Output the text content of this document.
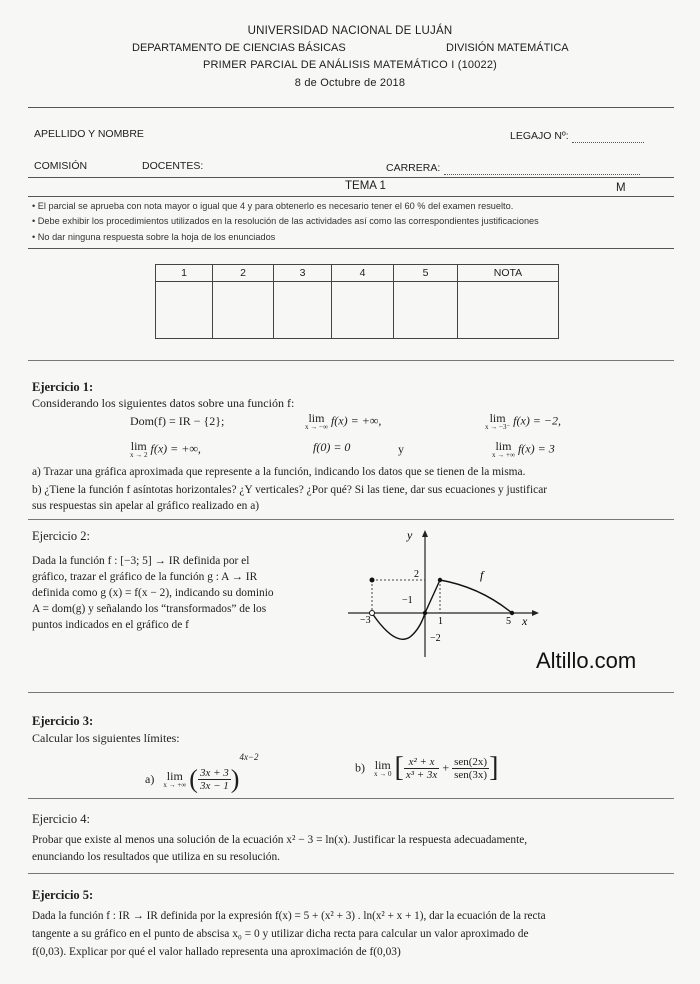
UNIVERSIDAD NACIONAL DE LUJÁN
DEPARTAMENTO DE CIENCIAS BÁSICAS	DIVISIÓN MATEMÁTICA
PRIMER PARCIAL DE ANÁLISIS MATEMÁTICO I (10022)
8 de Octubre de 2018
APELLIDO Y NOMBRE	LEGAJO Nº:
COMISIÓN	DOCENTES:	CARRERA:
TEMA 1	M
• El parcial se aprueba con nota mayor o igual que 4 y para obtenerlo es necesario tener el 60 % del examen resuelto.
• Debe exhibir los procedimientos utilizados en la resolución de las actividades así como las correspondientes justificaciones
• No dar ninguna respuesta sobre la hoja de los enunciados
1	2	3	4	5	NOTA

Ejercicio 1:
Considerando los siguientes datos sobre una función f:
Dom(f) = IR − {2};	lim
x → −∞ f(x) = +∞,	lim
x → −3⁻ f(x) = −2,
lim
x → 2 f(x) = +∞,	f(0) = 0	y	lim
x → +∞ f(x) = 3
a) Trazar una gráfica aproximada que represente a la función, indicando los datos que se tienen de la misma.
b) ¿Tiene la función f asíntotas horizontales? ¿Y verticales? ¿Por qué? Si las tiene, dar sus ecuaciones y justificar
sus respuestas sin apelar al gráfico realizado en a)
Ejercicio 2:
Dada la función f : [−3; 5] → IR definida por el
gráfico, trazar el gráfico de la función g : A → IR
definida como g (x) = f(x − 2), indicando su dominio
A = dom(g) y señalando los “transformados” de los
puntos indicados en el gráfico de f
y
x
f
2
−1
−3	1	5
−2
Altillo.com
Ejercicio 3:
Calcular los siguientes límites:
a) lim
x → +∞ ( $\frac{3x + 3}{3x - 1} )^{4x-2}$
b) lim
x → 0 [ $\frac{\text{x² + x}}{\text{x³ + 3x}} + \frac{\text{sen(2x)}}{\text{sen(3x)}}$ ]
Ejercicio 4:
Probar que existe al menos una solución de la ecuación x² − 3 = ln(x). Justificar la respuesta adecuadamente,
enunciando los resultados que utiliza en su resolución.
Ejercicio 5:
Dada la función f : IR → IR definida por la expresión f(x) = 5 + (x² + 3) . ln(x² + x + 1), dar la ecuación de la recta
tangente a su gráfico en el punto de abscisa x₀ = 0 y utilizar dicha recta para calcular un valor aproximado de
f(0,03). Explicar por qué el valor hallado representa una aproximación de f(0,03)
